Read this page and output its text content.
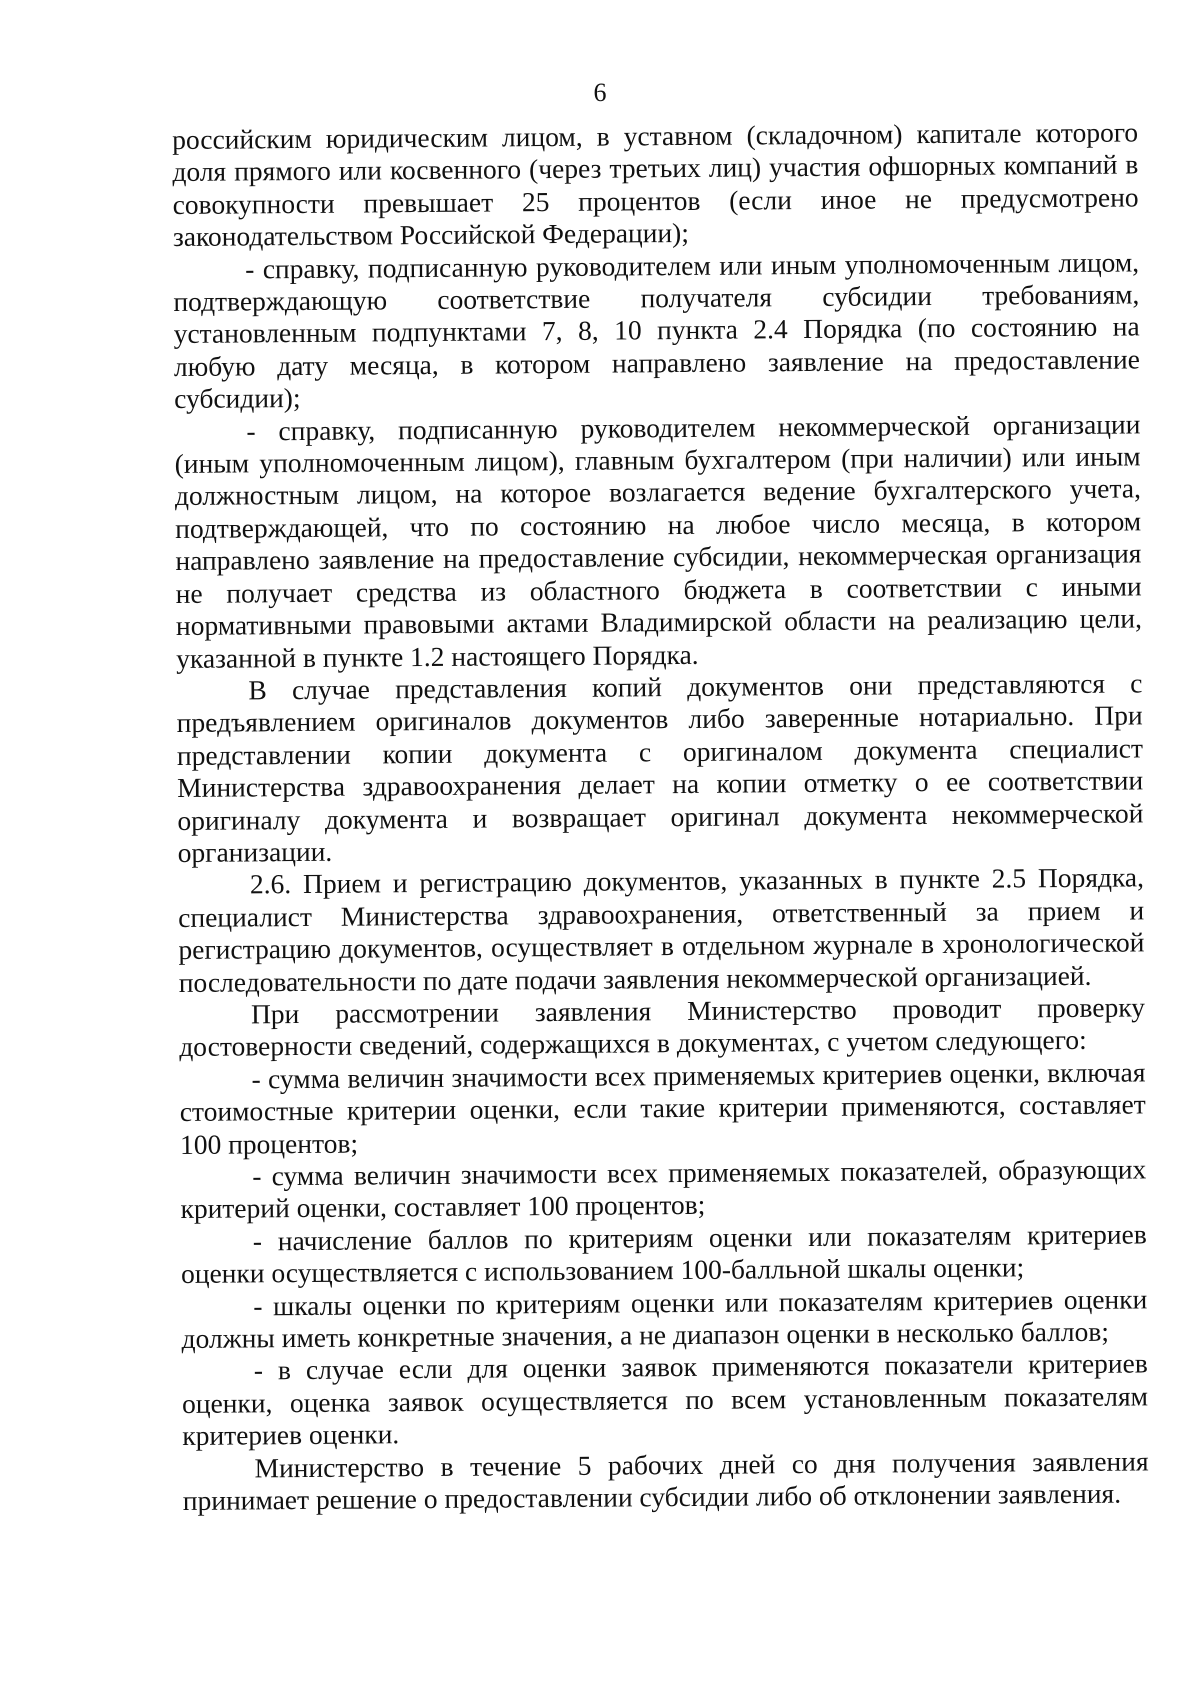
6

российским юридическим лицом, в уставном (складочном) капитале которого доля прямого или косвенного (через третьих лиц) участия офшорных компаний в совокупности превышает 25 процентов (если иное не предусмотрено законодательством Российской Федерации);

- справку, подписанную руководителем или иным уполномоченным лицом, подтверждающую соответствие получателя субсидии требованиям, установленным подпунктами 7, 8, 10 пункта 2.4 Порядка (по состоянию на любую дату месяца, в котором направлено заявление на предоставление субсидии);

- справку, подписанную руководителем некоммерческой организации (иным уполномоченным лицом), главным бухгалтером (при наличии) или иным должностным лицом, на которое возлагается ведение бухгалтерского учета, подтверждающей, что по состоянию на любое число месяца, в котором направлено заявление на предоставление субсидии, некоммерческая организация не получает средства из областного бюджета в соответствии с иными нормативными правовыми актами Владимирской области на реализацию цели, указанной в пункте 1.2 настоящего Порядка.

В случае представления копий документов они представляются с предъявлением оригиналов документов либо заверенные нотариально. При представлении копии документа с оригиналом документа специалист Министерства здравоохранения делает на копии отметку о ее соответствии оригиналу документа и возвращает оригинал документа некоммерческой организации.

2.6. Прием и регистрацию документов, указанных в пункте 2.5 Порядка, специалист Министерства здравоохранения, ответственный за прием и регистрацию документов, осуществляет в отдельном журнале в хронологической последовательности по дате подачи заявления некоммерческой организацией.

При рассмотрении заявления Министерство проводит проверку достоверности сведений, содержащихся в документах, с учетом следующего:

- сумма величин значимости всех применяемых критериев оценки, включая стоимостные критерии оценки, если такие критерии применяются, составляет 100 процентов;

- сумма величин значимости всех применяемых показателей, образующих критерий оценки, составляет 100 процентов;

- начисление баллов по критериям оценки или показателям критериев оценки осуществляется с использованием 100-балльной шкалы оценки;

- шкалы оценки по критериям оценки или показателям критериев оценки должны иметь конкретные значения, а не диапазон оценки в несколько баллов;

- в случае если для оценки заявок применяются показатели критериев оценки, оценка заявок осуществляется по всем установленным показателям критериев оценки.

Министерство в течение 5 рабочих дней со дня получения заявления принимает решение о предоставлении субсидии либо об отклонении заявления.
